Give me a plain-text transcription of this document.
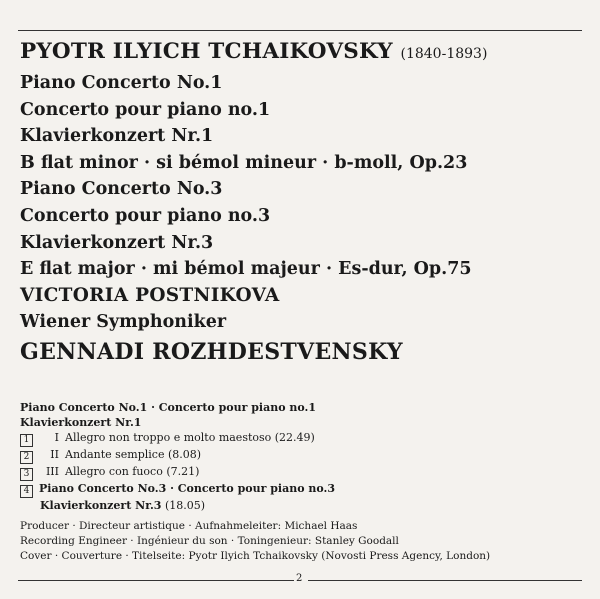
PYOTR ILYICH TCHAIKOVSKY (1840-1893)
Piano Concerto No.1
Concerto pour piano no.1
Klavierkonzert Nr.1
B flat minor · si bémol mineur · b-moll, Op.23
Piano Concerto No.3
Concerto pour piano no.3
Klavierkonzert Nr.3
E flat major · mi bémol majeur · Es-dur, Op.75
VICTORIA POSTNIKOVA
Wiener Symphoniker
GENNADI ROZHDESTVENSKY
Piano Concerto No.1 · Concerto pour piano no.1
Klavierkonzert Nr.1
1 I Allegro non troppo e molto maestoso (22.49)
2 II Andante semplice (8.08)
3 III Allegro con fuoco (7.21)
4 Piano Concerto No.3 · Concerto pour piano no.3
Klavierkonzert Nr.3 (18.05)
Producer · Directeur artistique · Aufnahmeleiter: Michael Haas
Recording Engineer · Ingénieur du son · Toningenieur: Stanley Goodall
Cover · Couverture · Titelseite: Pyotr Ilyich Tchaikovsky (Novosti Press Agency, London)
2
